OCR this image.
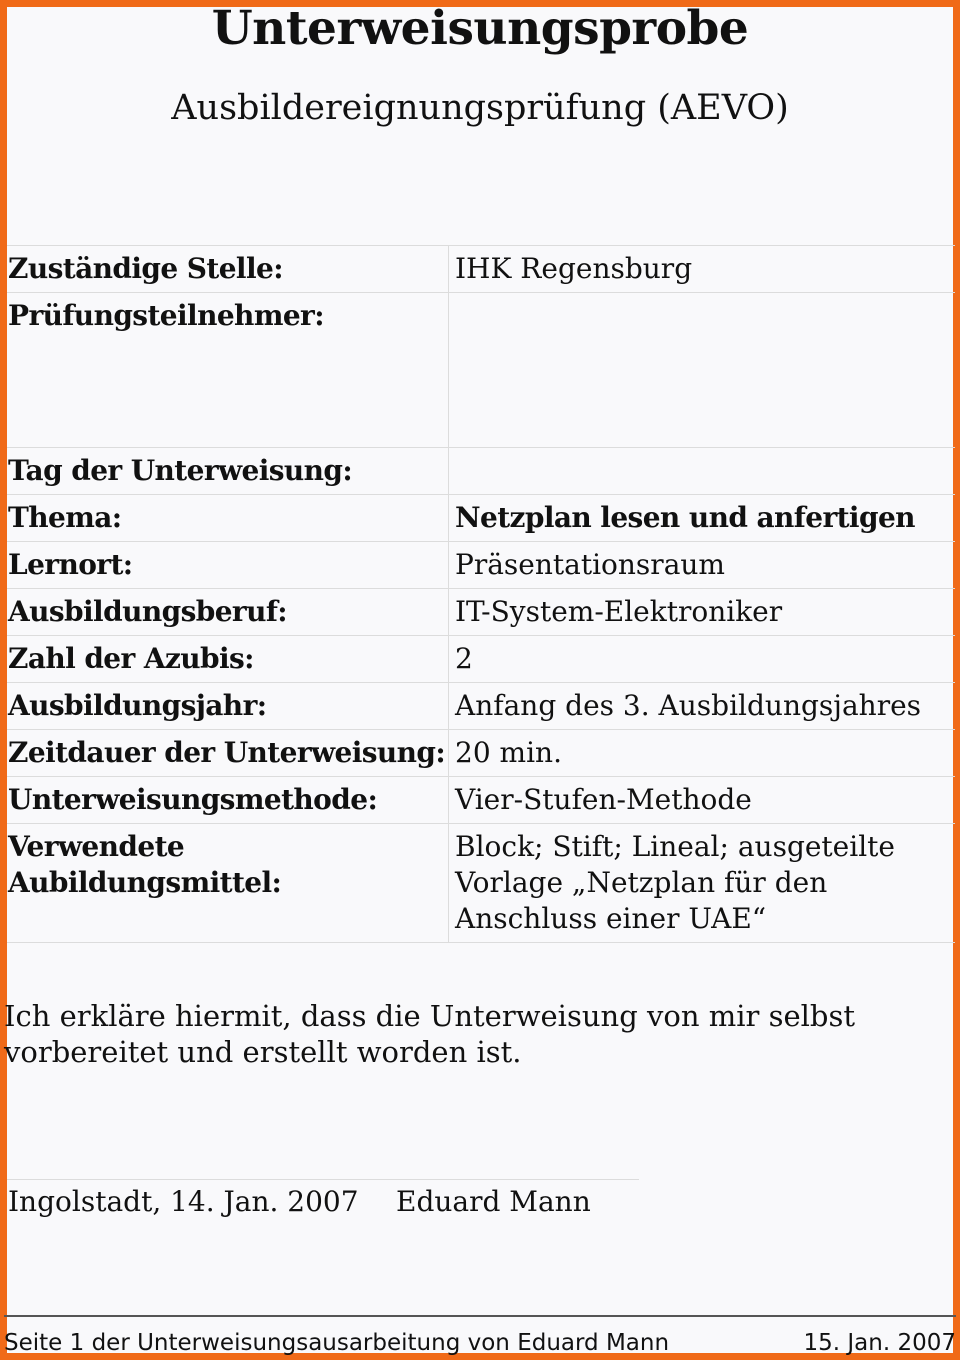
Unterweisungsprobe
Ausbildereignungsprüfung (AEVO)
Zuständige Stelle:	IHK Regensburg
Prüfungsteilnehmer:	
Tag der Unterweisung:	
Thema:	Netzplan lesen und anfertigen
Lernort:	Präsentationsraum
Ausbildungsberuf:	IT-System-Elektroniker
Zahl der Azubis:	2
Ausbildungsjahr:	Anfang des 3. Ausbildungsjahres
Zeitdauer der Unterweisung:	20 min.
Unterweisungsmethode:	Vier-Stufen-Methode
Verwendete Aubildungsmittel:	Block; Stift; Lineal; ausgeteilte Vorlage „Netzplan für den Anschluss einer UAE“
Ich erkläre hiermit, dass die Unterweisung von mir selbst vorbereitet und erstellt worden ist.
Ingolstadt, 14. Jan. 2007 Eduard Mann
Seite 1 der Unterweisungsausarbeitung von Eduard Mann	15. Jan. 2007
